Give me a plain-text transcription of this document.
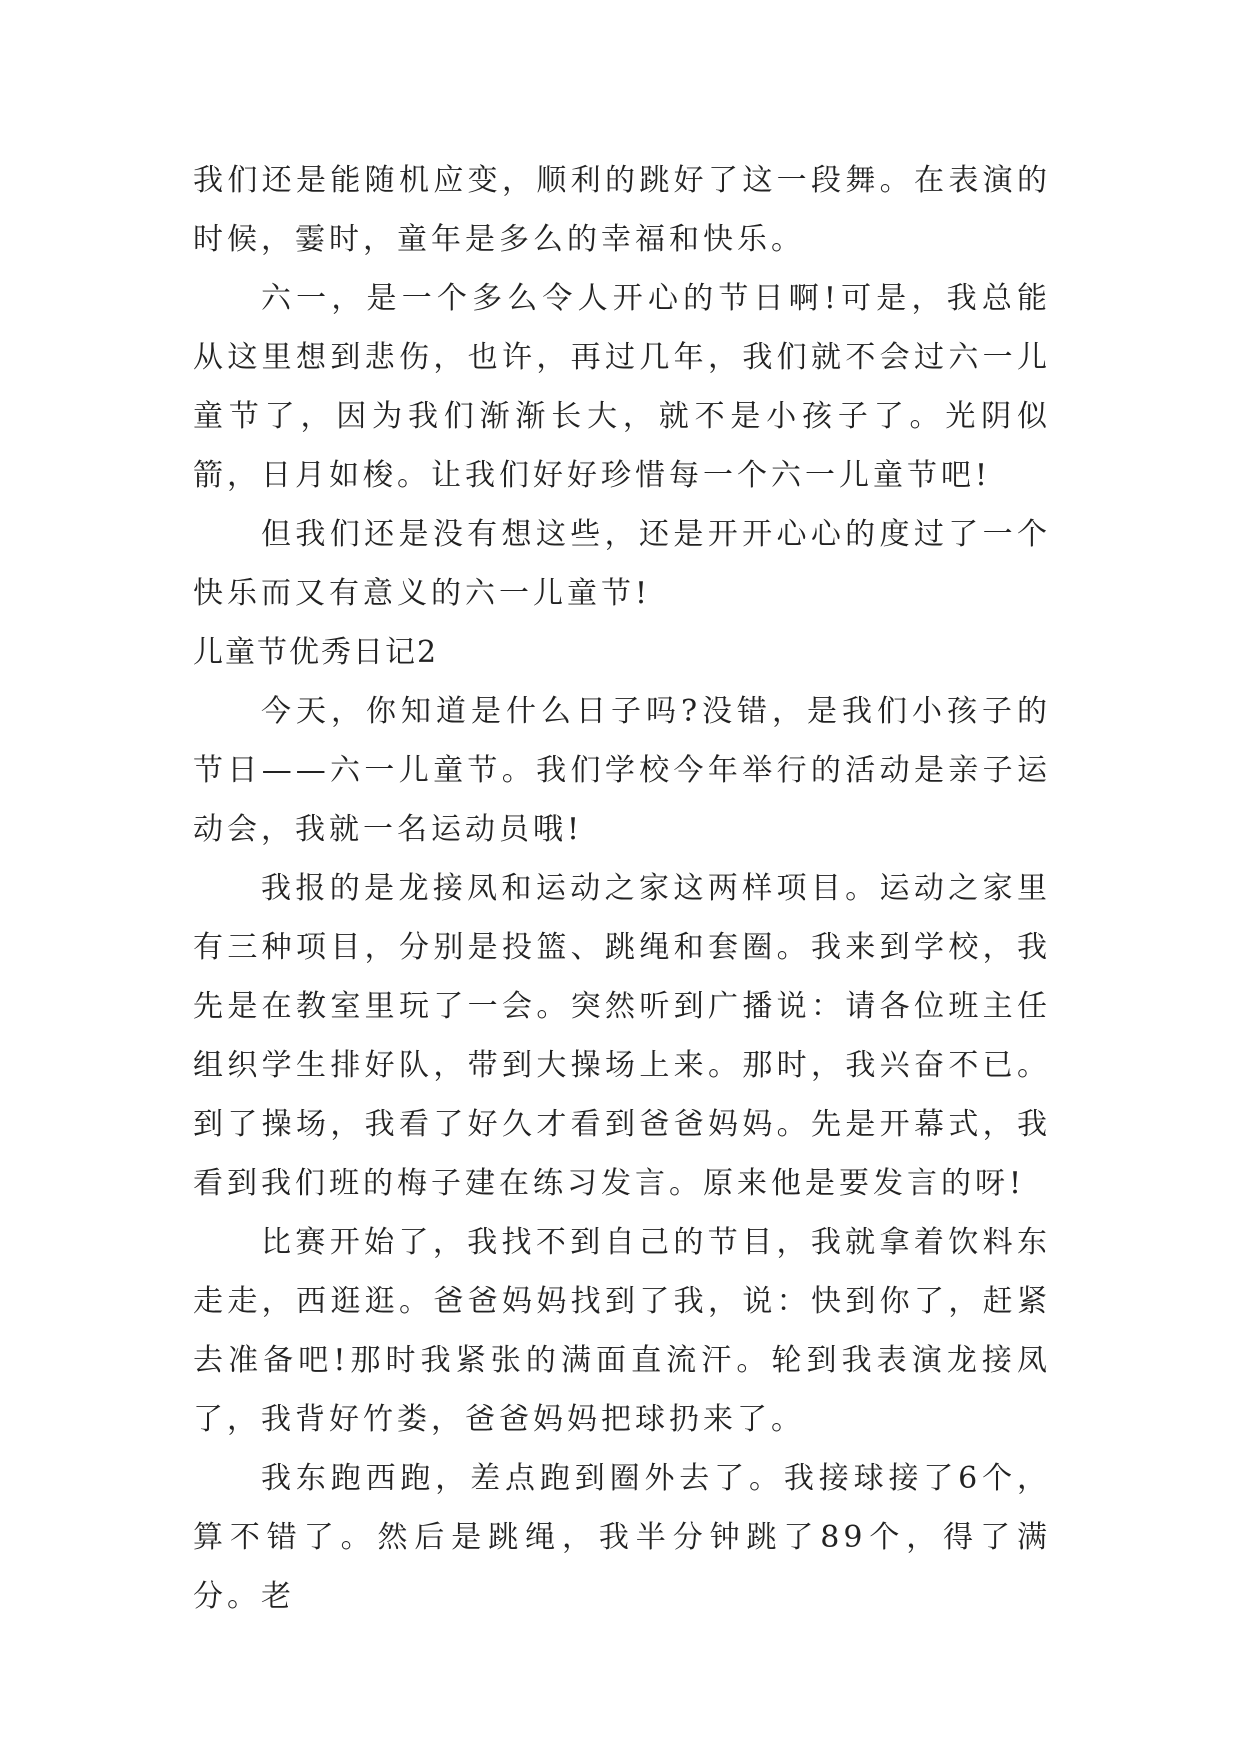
我们还是能随机应变，顺利的跳好了这一段舞。在表演的时候，霎时，童年是多么的幸福和快乐。

六一，是一个多么令人开心的节日啊!可是，我总能从这里想到悲伤，也许，再过几年，我们就不会过六一儿童节了，因为我们渐渐长大，就不是小孩子了。光阴似箭，日月如梭。让我们好好珍惜每一个六一儿童节吧!

但我们还是没有想这些，还是开开心心的度过了一个快乐而又有意义的六一儿童节!

儿童节优秀日记2

今天，你知道是什么日子吗?没错，是我们小孩子的节日——六一儿童节。我们学校今年举行的活动是亲子运动会，我就一名运动员哦!

我报的是龙接凤和运动之家这两样项目。运动之家里有三种项目，分别是投篮、跳绳和套圈。我来到学校，我先是在教室里玩了一会。突然听到广播说：请各位班主任组织学生排好队，带到大操场上来。那时，我兴奋不已。到了操场，我看了好久才看到爸爸妈妈。先是开幕式，我看到我们班的梅子建在练习发言。原来他是要发言的呀!

比赛开始了，我找不到自己的节目，我就拿着饮料东走走，西逛逛。爸爸妈妈找到了我，说：快到你了，赶紧去准备吧!那时我紧张的满面直流汗。轮到我表演龙接凤了，我背好竹娄，爸爸妈妈把球扔来了。

我东跑西跑，差点跑到圈外去了。我接球接了6个，算不错了。然后是跳绳，我半分钟跳了89个，得了满分。老
